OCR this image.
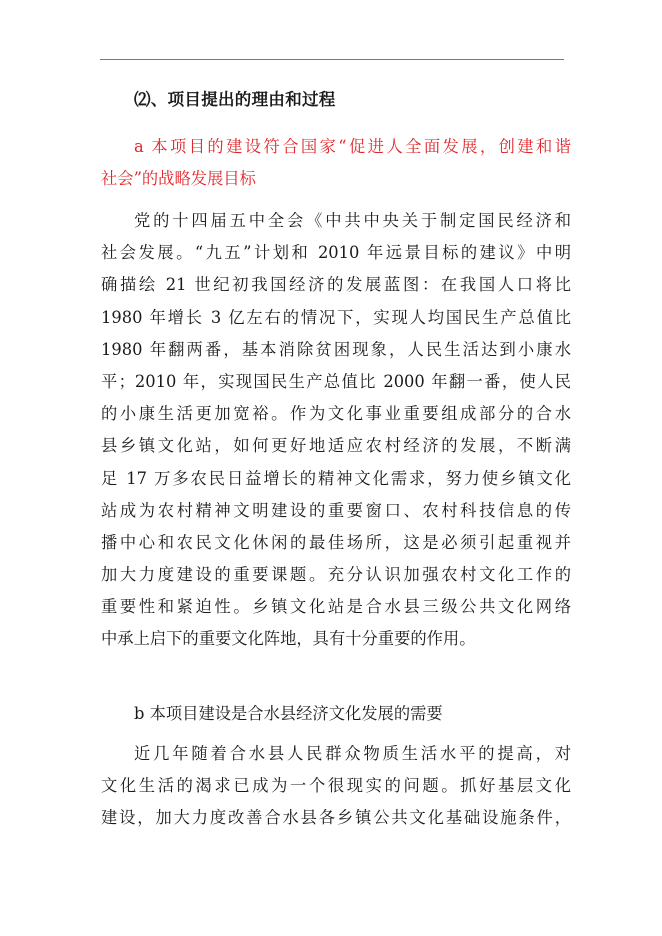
⑵、项目提出的理由和过程
a 本项目的建设符合国家“促进人全面发展，创建和谐
社会”的战略发展目标
党的十四届五中全会《中共中央关于制定国民经济和
社会发展。“九五”计划和 2010 年远景目标的建议》中明
确描绘 21 世纪初我国经济的发展蓝图：在我国人口将比
1980 年增长 3 亿左右的情况下，实现人均国民生产总值比
1980 年翻两番，基本消除贫困现象，人民生活达到小康水
平；2010 年，实现国民生产总值比 2000 年翻一番，使人民
的小康生活更加宽裕。作为文化事业重要组成部分的合水
县乡镇文化站，如何更好地适应农村经济的发展，不断满
足 17 万多农民日益增长的精神文化需求，努力使乡镇文化
站成为农村精神文明建设的重要窗口、农村科技信息的传
播中心和农民文化休闲的最佳场所，这是必须引起重视并
加大力度建设的重要课题。充分认识加强农村文化工作的
重要性和紧迫性。乡镇文化站是合水县三级公共文化网络
中承上启下的重要文化阵地，具有十分重要的作用。
b 本项目建设是合水县经济文化发展的需要
近几年随着合水县人民群众物质生活水平的提高，对
文化生活的渴求已成为一个很现实的问题。抓好基层文化
建设，加大力度改善合水县各乡镇公共文化基础设施条件，
